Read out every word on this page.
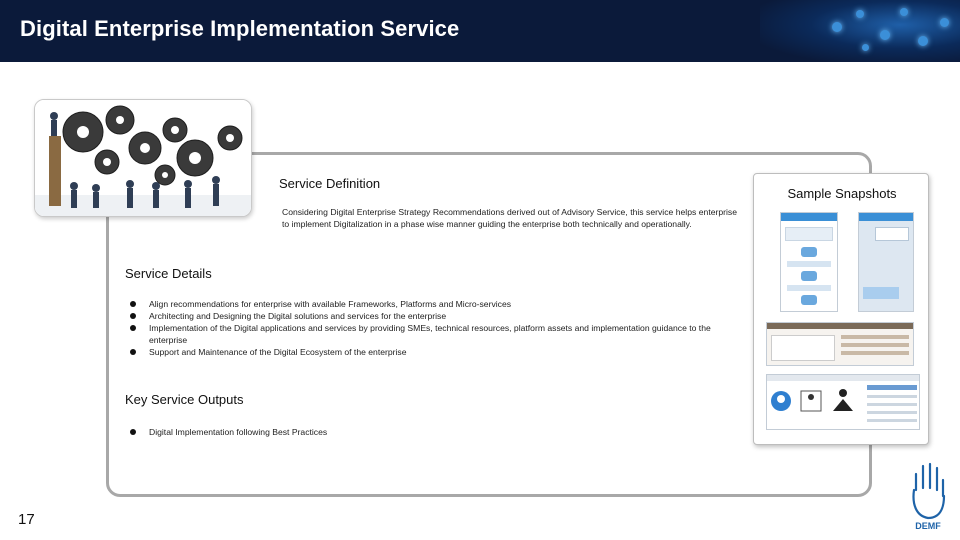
Digital Enterprise Implementation Service
Service Definition
Considering Digital Enterprise Strategy Recommendations derived out of Advisory Service, this service helps enterprise to implement Digitalization in a phase wise manner guiding the enterprise both technically and operationally.
Service Details
Align recommendations for enterprise with available Frameworks, Platforms and Micro-services
Architecting and Designing the Digital solutions and services for the enterprise
Implementation of the Digital applications and services by providing SMEs, technical resources, platform assets and implementation guidance to the enterprise
Support and Maintenance of the Digital Ecosystem of the enterprise
Key Service Outputs
Digital Implementation following Best Practices
Sample Snapshots
17	DEMF
